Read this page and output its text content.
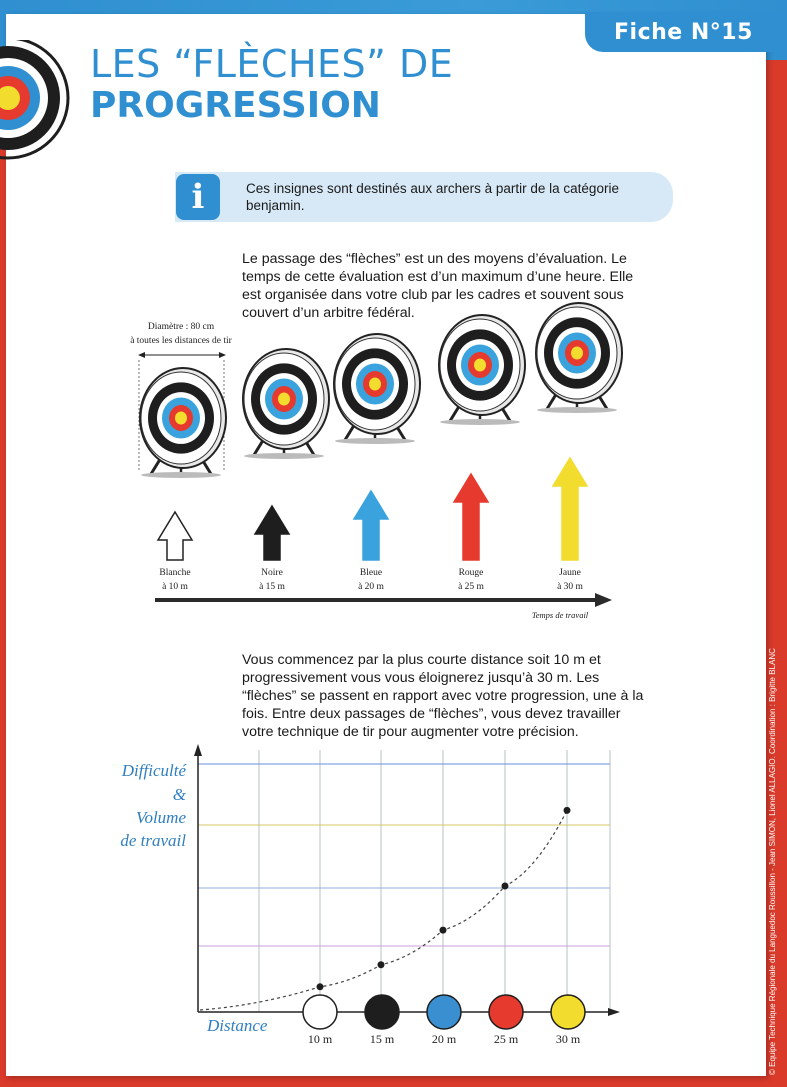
Fiche N°15
LES “FLÈCHES” DE
PROGRESSION
i	Ces insignes sont destinés aux archers à partir de la catégorie benjamin.
Le passage des “flèches” est un des moyens d’évaluation. Le temps de cette évaluation est d’un maximum d’une heure. Elle est organisée dans votre club par les cadres et souvent sous couvert d’un arbitre fédéral.
Diamètre : 80 cm
à toutes les distances de tir
Temps de travail
Blanche
à 10 m
Noire
à 15 m
Bleue
à 20 m
Rouge
à 25 m
Jaune
à 30 m
Vous commencez par la plus courte distance soit 10 m et progressivement vous vous éloignerez jusqu’à 30 m. Les “flèches” se passent en rapport avec votre progression, une à la fois. Entre deux passages de “flèches”, vous devez travailler votre technique de tir pour augmenter votre précision.
Difficulté
&
Volume
de travail
Distance
10 m	15 m	20 m	25 m	30 m	© Equipe Technique Régionale du Languedoc Roussillon - Jean SIMON, Lionel ALLAGIO. Coordination : Brigitte BLANC
